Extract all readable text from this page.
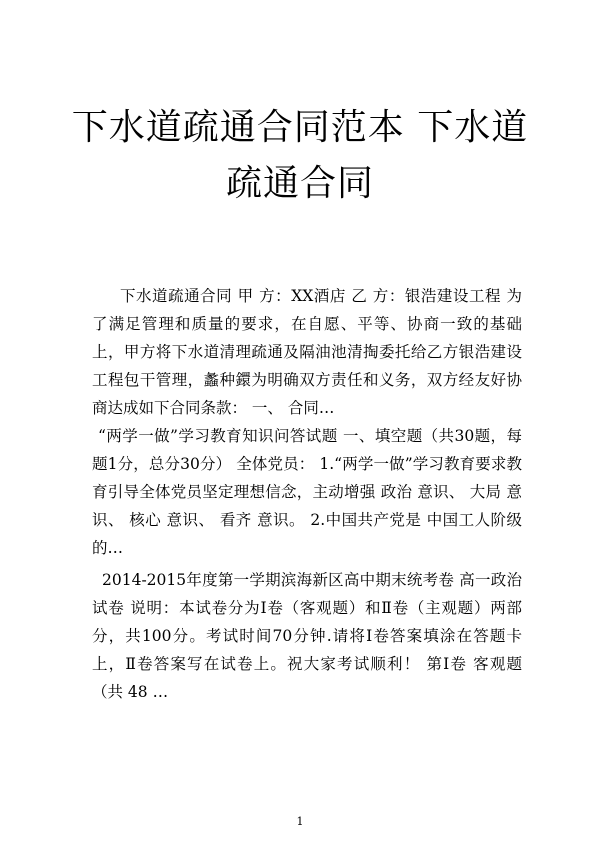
下水道疏通合同范本 下水道疏通合同

下水道疏通合同 甲 方：XX酒店 乙 方：银浩建设工程 为了满足管理和质量的要求，在自愿、平等、协商一致的基础上，甲方将下水道清理疏通及隔油池清掏委托给乙方银浩建设工程包干管理，蠡种鐶为明确双方责任和义务，双方经友好协商达成如下合同条款： 一、 合同…

“两学一做”学习教育知识问答试题 一、填空题（共30题，每题1分，总分30分） 全体党员： 1.“两学一做”学习教育要求教育引导全体党员坚定理想信念，主动增强 政治 意识、 大局 意识、 核心 意识、 看齐 意识。 2.中国共产党是 中国工人阶级 的…

2014-2015年度第一学期滨海新区高中期末统考卷 高一政治 试卷 说明：本试卷分为Ⅰ卷（客观题）和Ⅱ卷（主观题）两部分，共100分。考试时间70分钟.请将Ⅰ卷答案填涂在答题卡上，Ⅱ卷答案写在试卷上。祝大家考试顺利！ 第Ⅰ卷 客观题 （共 48 …

1
